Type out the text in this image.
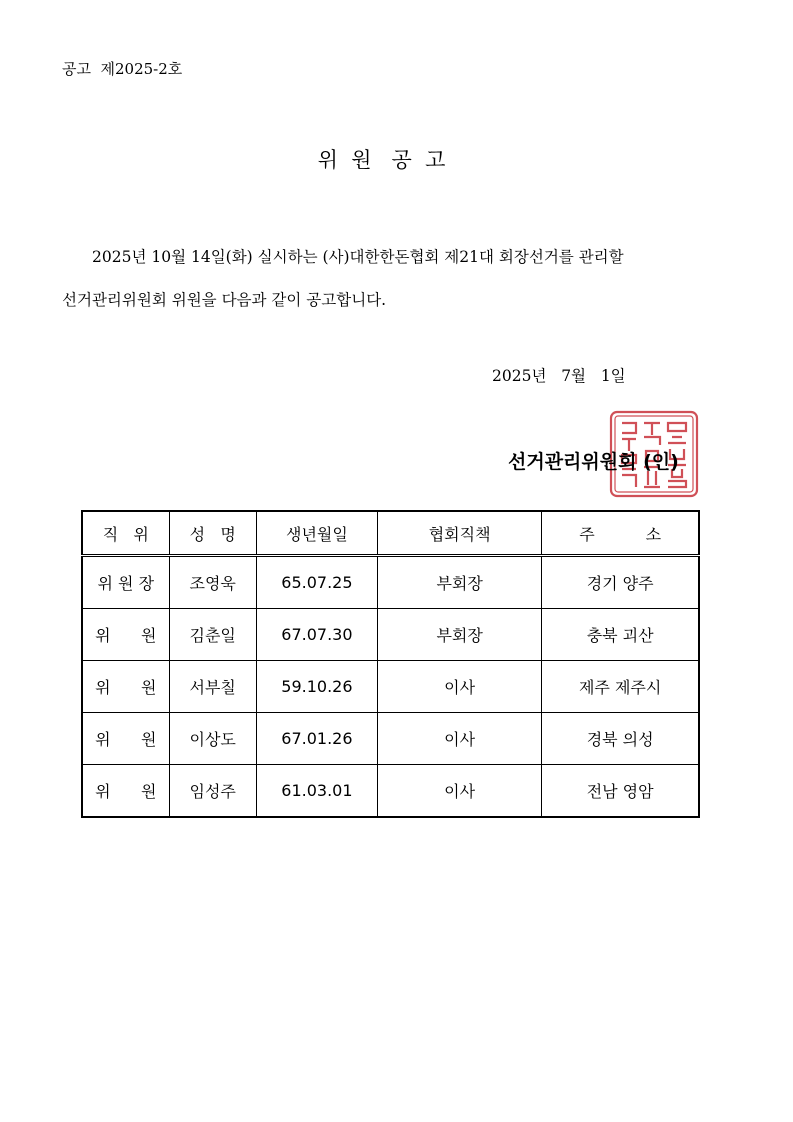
공고  제2025-2호
위  원   공  고
2025년 10월 14일(화) 실시하는 (사)대한한돈협회 제21대 회장선거를 관리할
선거관리위원회 위원을 다음과 같이 공고합니다.
2025년   7월   1일
선거관리위원회 (인)
직   위	성   명	생년월일	협회직책	주          소
위 원 장	조영욱	65.07.25	부회장	경기 양주
위      원	김춘일	67.07.30	부회장	충북 괴산
위      원	서부칠	59.10.26	이사	제주 제주시
위      원	이상도	67.01.26	이사	경북 의성
위      원	임성주	61.03.01	이사	전남 영암
